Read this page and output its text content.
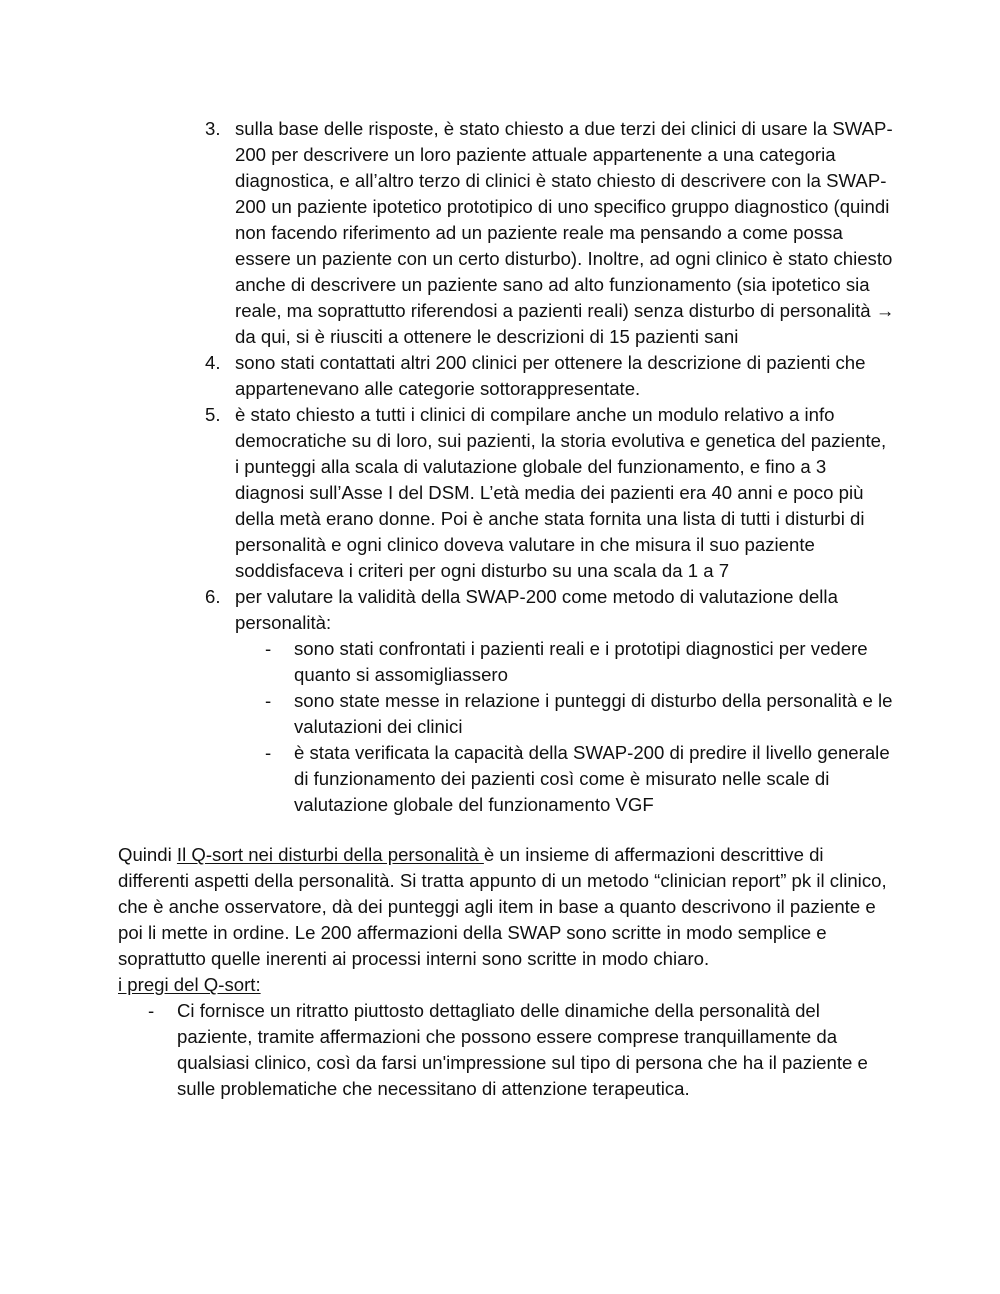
3. sulla base delle risposte, è stato chiesto a due terzi dei clinici di usare la SWAP-200 per descrivere un loro paziente attuale appartenente a una categoria diagnostica, e all’altro terzo di clinici è stato chiesto di descrivere con la SWAP-200 un paziente ipotetico prototipico di uno specifico gruppo diagnostico (quindi non facendo riferimento ad un paziente reale ma pensando a come possa essere un paziente con un certo disturbo). Inoltre, ad ogni clinico è stato chiesto anche di descrivere un paziente sano ad alto funzionamento (sia ipotetico sia reale, ma soprattutto riferendosi a pazienti reali) senza disturbo di personalità → da qui, si è riusciti a ottenere le descrizioni di 15 pazienti sani
4. sono stati contattati altri 200 clinici per ottenere la descrizione di pazienti che appartenevano alle categorie sottorappresentate.
5. è stato chiesto a tutti i clinici di compilare anche un modulo relativo a info democratiche su di loro, sui pazienti, la storia evolutiva e genetica del paziente, i punteggi alla scala di valutazione globale del funzionamento, e fino a 3 diagnosi sull’Asse I del DSM. L’età media dei pazienti era 40 anni e poco più della metà erano donne. Poi è anche stata fornita una lista di tutti i disturbi di personalità e ogni clinico doveva valutare in che misura il suo paziente soddisfaceva i criteri per ogni disturbo su una scala da 1 a 7
6. per valutare la validità della SWAP-200 come metodo di valutazione della personalità:
- sono stati confrontati i pazienti reali e i prototipi diagnostici per vedere quanto si assomigliassero
- sono state messe in relazione i punteggi di disturbo della personalità e le valutazioni dei clinici
- è stata verificata la capacità della SWAP-200 di predire il livello generale di funzionamento dei pazienti così come è misurato nelle scale di valutazione globale del funzionamento VGF
Quindi Il Q-sort nei disturbi della personalità è un insieme di affermazioni descrittive di differenti aspetti della personalità. Si tratta appunto di un metodo “clinician report” pk il clinico, che è anche osservatore, dà dei punteggi agli item in base a quanto descrivono il paziente e poi li mette in ordine. Le 200 affermazioni della SWAP sono scritte in modo semplice e soprattutto quelle inerenti ai processi interni sono scritte in modo chiaro.
i pregi del Q-sort:
- Ci fornisce un ritratto piuttosto dettagliato delle dinamiche della personalità del paziente, tramite affermazioni che possono essere comprese tranquillamente da qualsiasi clinico, così da farsi un'impressione sul tipo di persona che ha il paziente e sulle problematiche che necessitano di attenzione terapeutica.
